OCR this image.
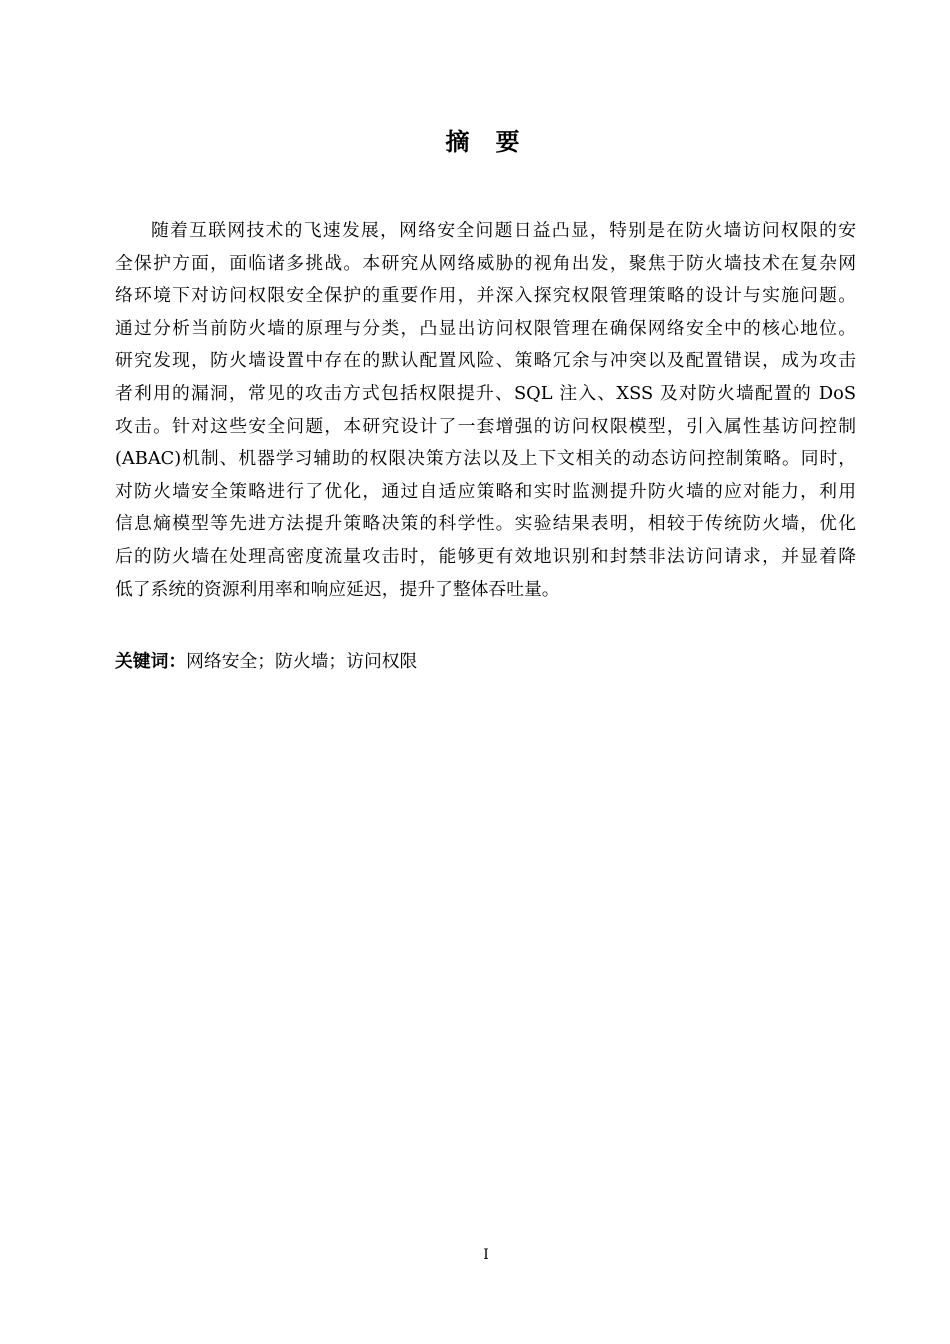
摘 要
随着互联网技术的飞速发展，网络安全问题日益凸显，特别是在防火墙访问权限的安
全保护方面，面临诸多挑战。本研究从网络威胁的视角出发，聚焦于防火墙技术在复杂网
络环境下对访问权限安全保护的重要作用，并深入探究权限管理策略的设计与实施问题。
通过分析当前防火墙的原理与分类，凸显出访问权限管理在确保网络安全中的核心地位。
研究发现，防火墙设置中存在的默认配置风险、策略冗余与冲突以及配置错误，成为攻击
者利用的漏洞，常见的攻击方式包括权限提升、SQL 注入、XSS 及对防火墙配置的 DoS
攻击。针对这些安全问题，本研究设计了一套增强的访问权限模型，引入属性基访问控制
(ABAC)机制、机器学习辅助的权限决策方法以及上下文相关的动态访问控制策略。同时，
对防火墙安全策略进行了优化，通过自适应策略和实时监测提升防火墙的应对能力，利用
信息熵模型等先进方法提升策略决策的科学性。实验结果表明，相较于传统防火墙，优化
后的防火墙在处理高密度流量攻击时，能够更有效地识别和封禁非法访问请求，并显着降
低了系统的资源利用率和响应延迟，提升了整体吞吐量。
关键词：网络安全；防火墙；访问权限
I
